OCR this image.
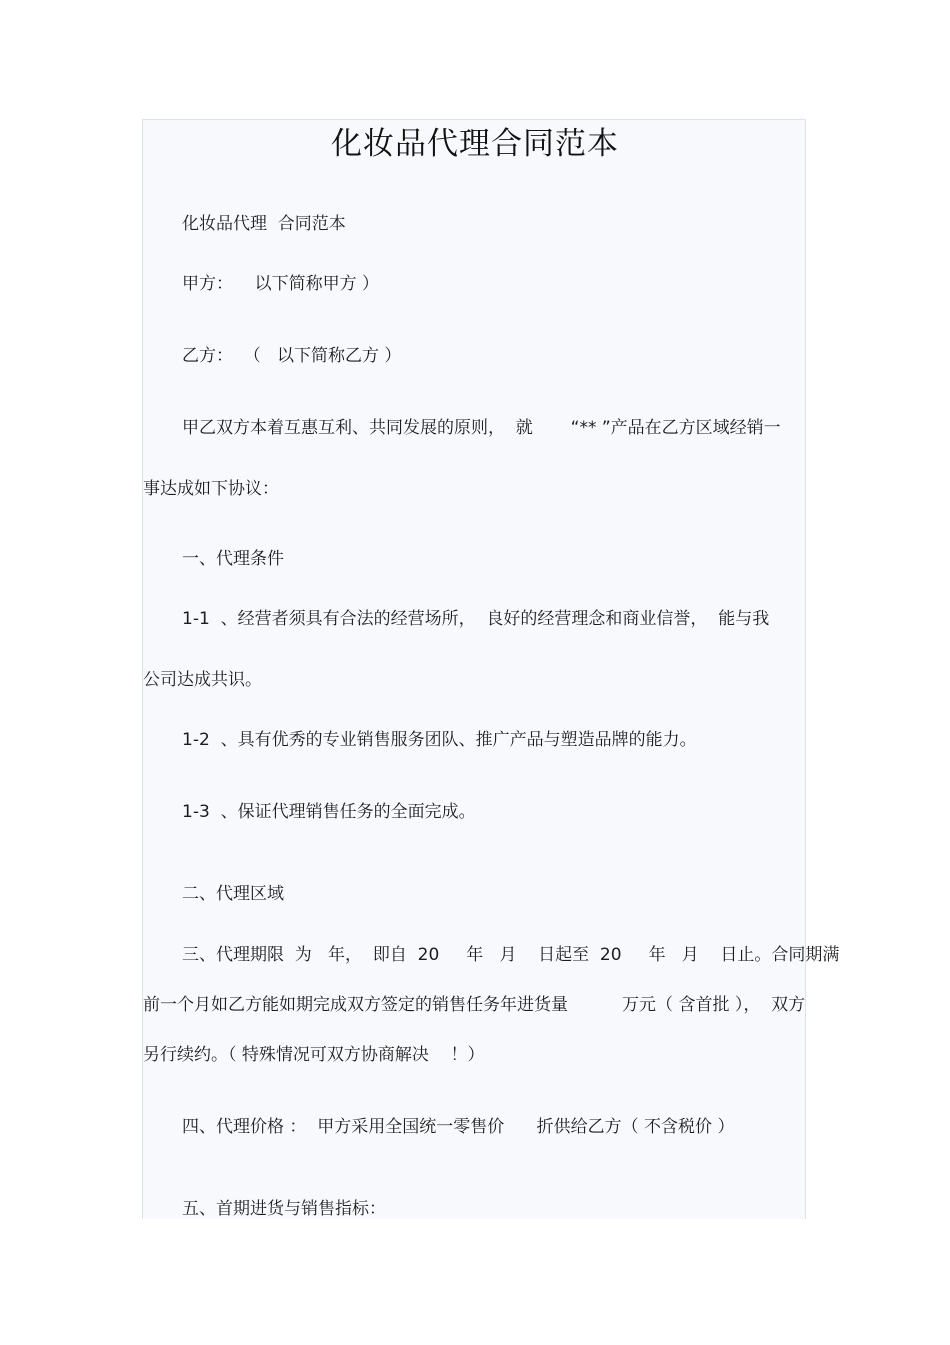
化妆品代理合同范本

化妆品代理  合同范本

甲方：    以下简称甲方 ）

乙方：  （   以下简称乙方 ）

甲乙双方本着互惠互利、共同发展的原则，  就       “** ”产品在乙方区域经销一

事达成如下协议：

一、代理条件

1-1  、经营者须具有合法的经营场所，  良好的经营理念和商业信誉，  能与我

公司达成共识。

1-2  、具有优秀的专业销售服务团队、推广产品与塑造品牌的能力。

1-3  、保证代理销售任务的全面完成。

二、代理区域

三、代理期限  为   年，  即自  20     年   月    日起至  20     年   月    日止。合同期满

前一个月如乙方能如期完成双方签定的销售任务年进货量          万元（ 含首批 ），  双方

另行续约。（ 特殊情况可双方协商解决    ！）

四、代理价格 ：  甲方采用全国统一零售价      折供给乙方（ 不含税价 ）

五、首期进货与销售指标：
